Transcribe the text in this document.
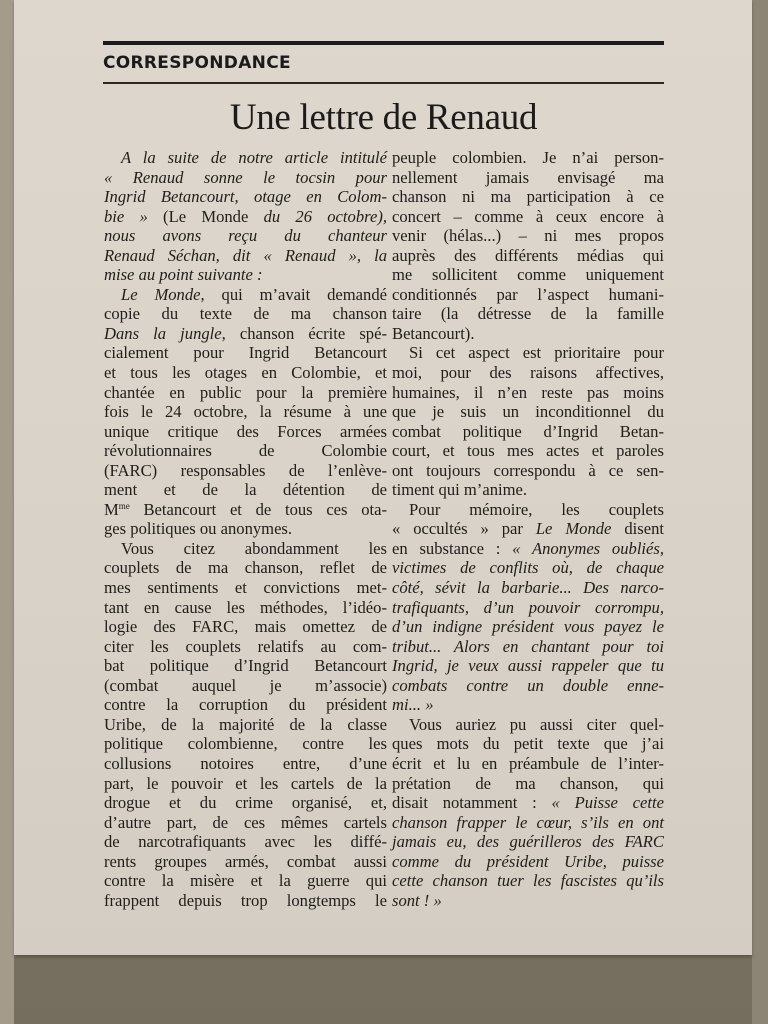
CORRESPONDANCE
Une lettre de Renaud
A la suite de notre article intitulé
« Renaud sonne le tocsin pour
Ingrid Betancourt, otage en Colom-
bie » (Le Monde du 26 octobre),
nous avons reçu du chanteur
Renaud Séchan, dit « Renaud », la
mise au point suivante :
Le Monde, qui m’avait demandé
copie du texte de ma chanson
Dans la jungle, chanson écrite spé-
cialement pour Ingrid Betancourt
et tous les otages en Colombie, et
chantée en public pour la première
fois le 24 octobre, la résume à une
unique critique des Forces armées
révolutionnaires de Colombie
(FARC) responsables de l’enlève-
ment et de la détention de
$M^{me}$ Betancourt et de tous ces ota-
ges politiques ou anonymes.
Vous citez abondamment les
couplets de ma chanson, reflet de
mes sentiments et convictions met-
tant en cause les méthodes, l’idéo-
logie des FARC, mais omettez de
citer les couplets relatifs au com-
bat politique d’Ingrid Betancourt
(combat auquel je m’associe)
contre la corruption du président
Uribe, de la majorité de la classe
politique colombienne, contre les
collusions notoires entre, d’une
part, le pouvoir et les cartels de la
drogue et du crime organisé, et,
d’autre part, de ces mêmes cartels
de narcotrafiquants avec les diffé-
rents groupes armés, combat aussi
contre la misère et la guerre qui
frappent depuis trop longtemps le
peuple colombien. Je n’ai person-
nellement jamais envisagé ma
chanson ni ma participation à ce
concert – comme à ceux encore à
venir (hélas...) – ni mes propos
auprès des différents médias qui
me sollicitent comme uniquement
conditionnés par l’aspect humani-
taire (la détresse de la famille
Betancourt).
Si cet aspect est prioritaire pour
moi, pour des raisons affectives,
humaines, il n’en reste pas moins
que je suis un inconditionnel du
combat politique d’Ingrid Betan-
court, et tous mes actes et paroles
ont toujours correspondu à ce sen-
timent qui m’anime.
Pour mémoire, les couplets
« occultés » par Le Monde disent
en substance : « Anonymes oubliés,
victimes de conflits où, de chaque
côté, sévit la barbarie... Des narco-
trafiquants, d’un pouvoir corrompu,
d’un indigne président vous payez le
tribut... Alors en chantant pour toi
Ingrid, je veux aussi rappeler que tu
combats contre un double enne-
mi... »
Vous auriez pu aussi citer quel-
ques mots du petit texte que j’ai
écrit et lu en préambule de l’inter-
prétation de ma chanson, qui
disait notamment : « Puisse cette
chanson frapper le cœur, s’ils en ont
jamais eu, des guérilleros des FARC
comme du président Uribe, puisse
cette chanson tuer les fascistes qu’ils
sont ! »
